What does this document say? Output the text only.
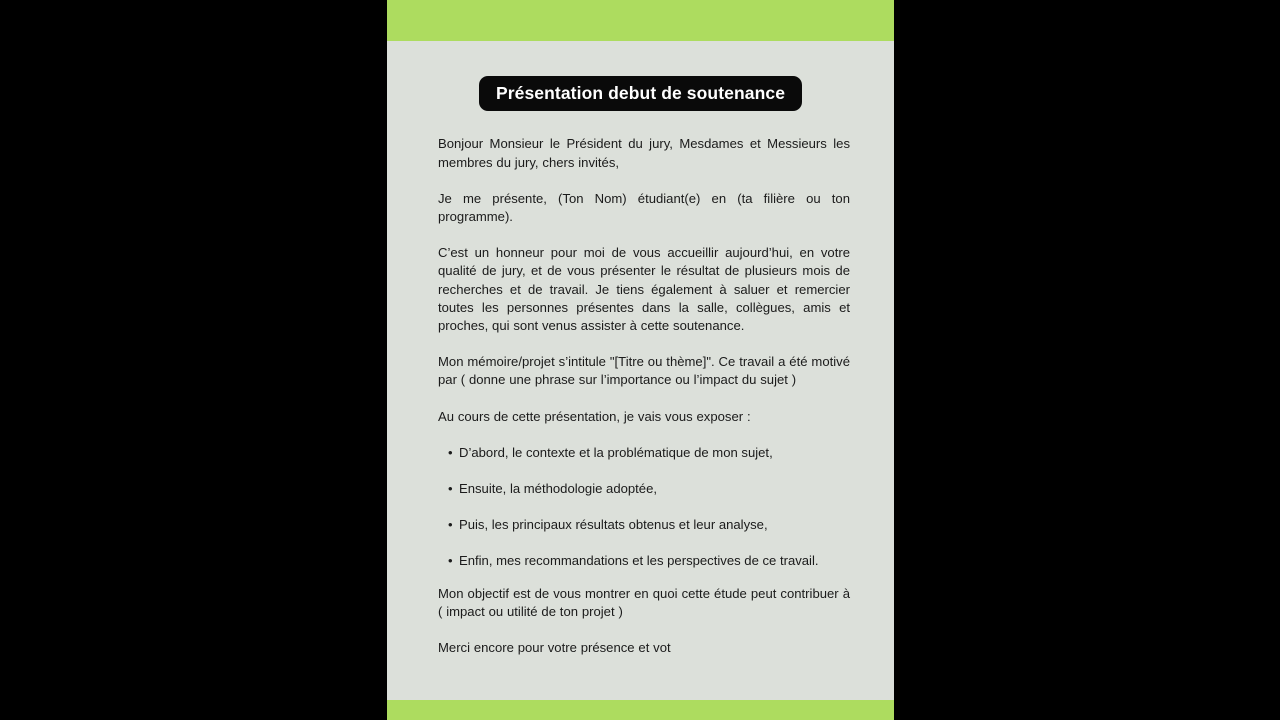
Présentation debut de soutenance

Bonjour Monsieur le Président du jury, Mesdames et Messieurs les membres du jury, chers invités,

Je me présente, (Ton Nom) étudiant(e) en (ta filière ou ton programme).

C’est un honneur pour moi de vous accueillir aujourd’hui, en votre qualité de jury, et de vous présenter le résultat de plusieurs mois de recherches et de travail. Je tiens également à saluer et remercier toutes les personnes présentes dans la salle, collègues, amis et proches, qui sont venus assister à cette soutenance.

Mon mémoire/projet s’intitule "[Titre ou thème]". Ce travail a été motivé par ( donne une phrase sur l’importance ou l’impact du sujet )

Au cours de cette présentation, je vais vous exposer :

• D’abord, le contexte et la problématique de mon sujet,
• Ensuite, la méthodologie adoptée,
• Puis, les principaux résultats obtenus et leur analyse,
• Enfin, mes recommandations et les perspectives de ce travail.

Mon objectif est de vous montrer en quoi cette étude peut contribuer à ( impact ou utilité de ton projet )

Merci encore pour votre présence et vot
